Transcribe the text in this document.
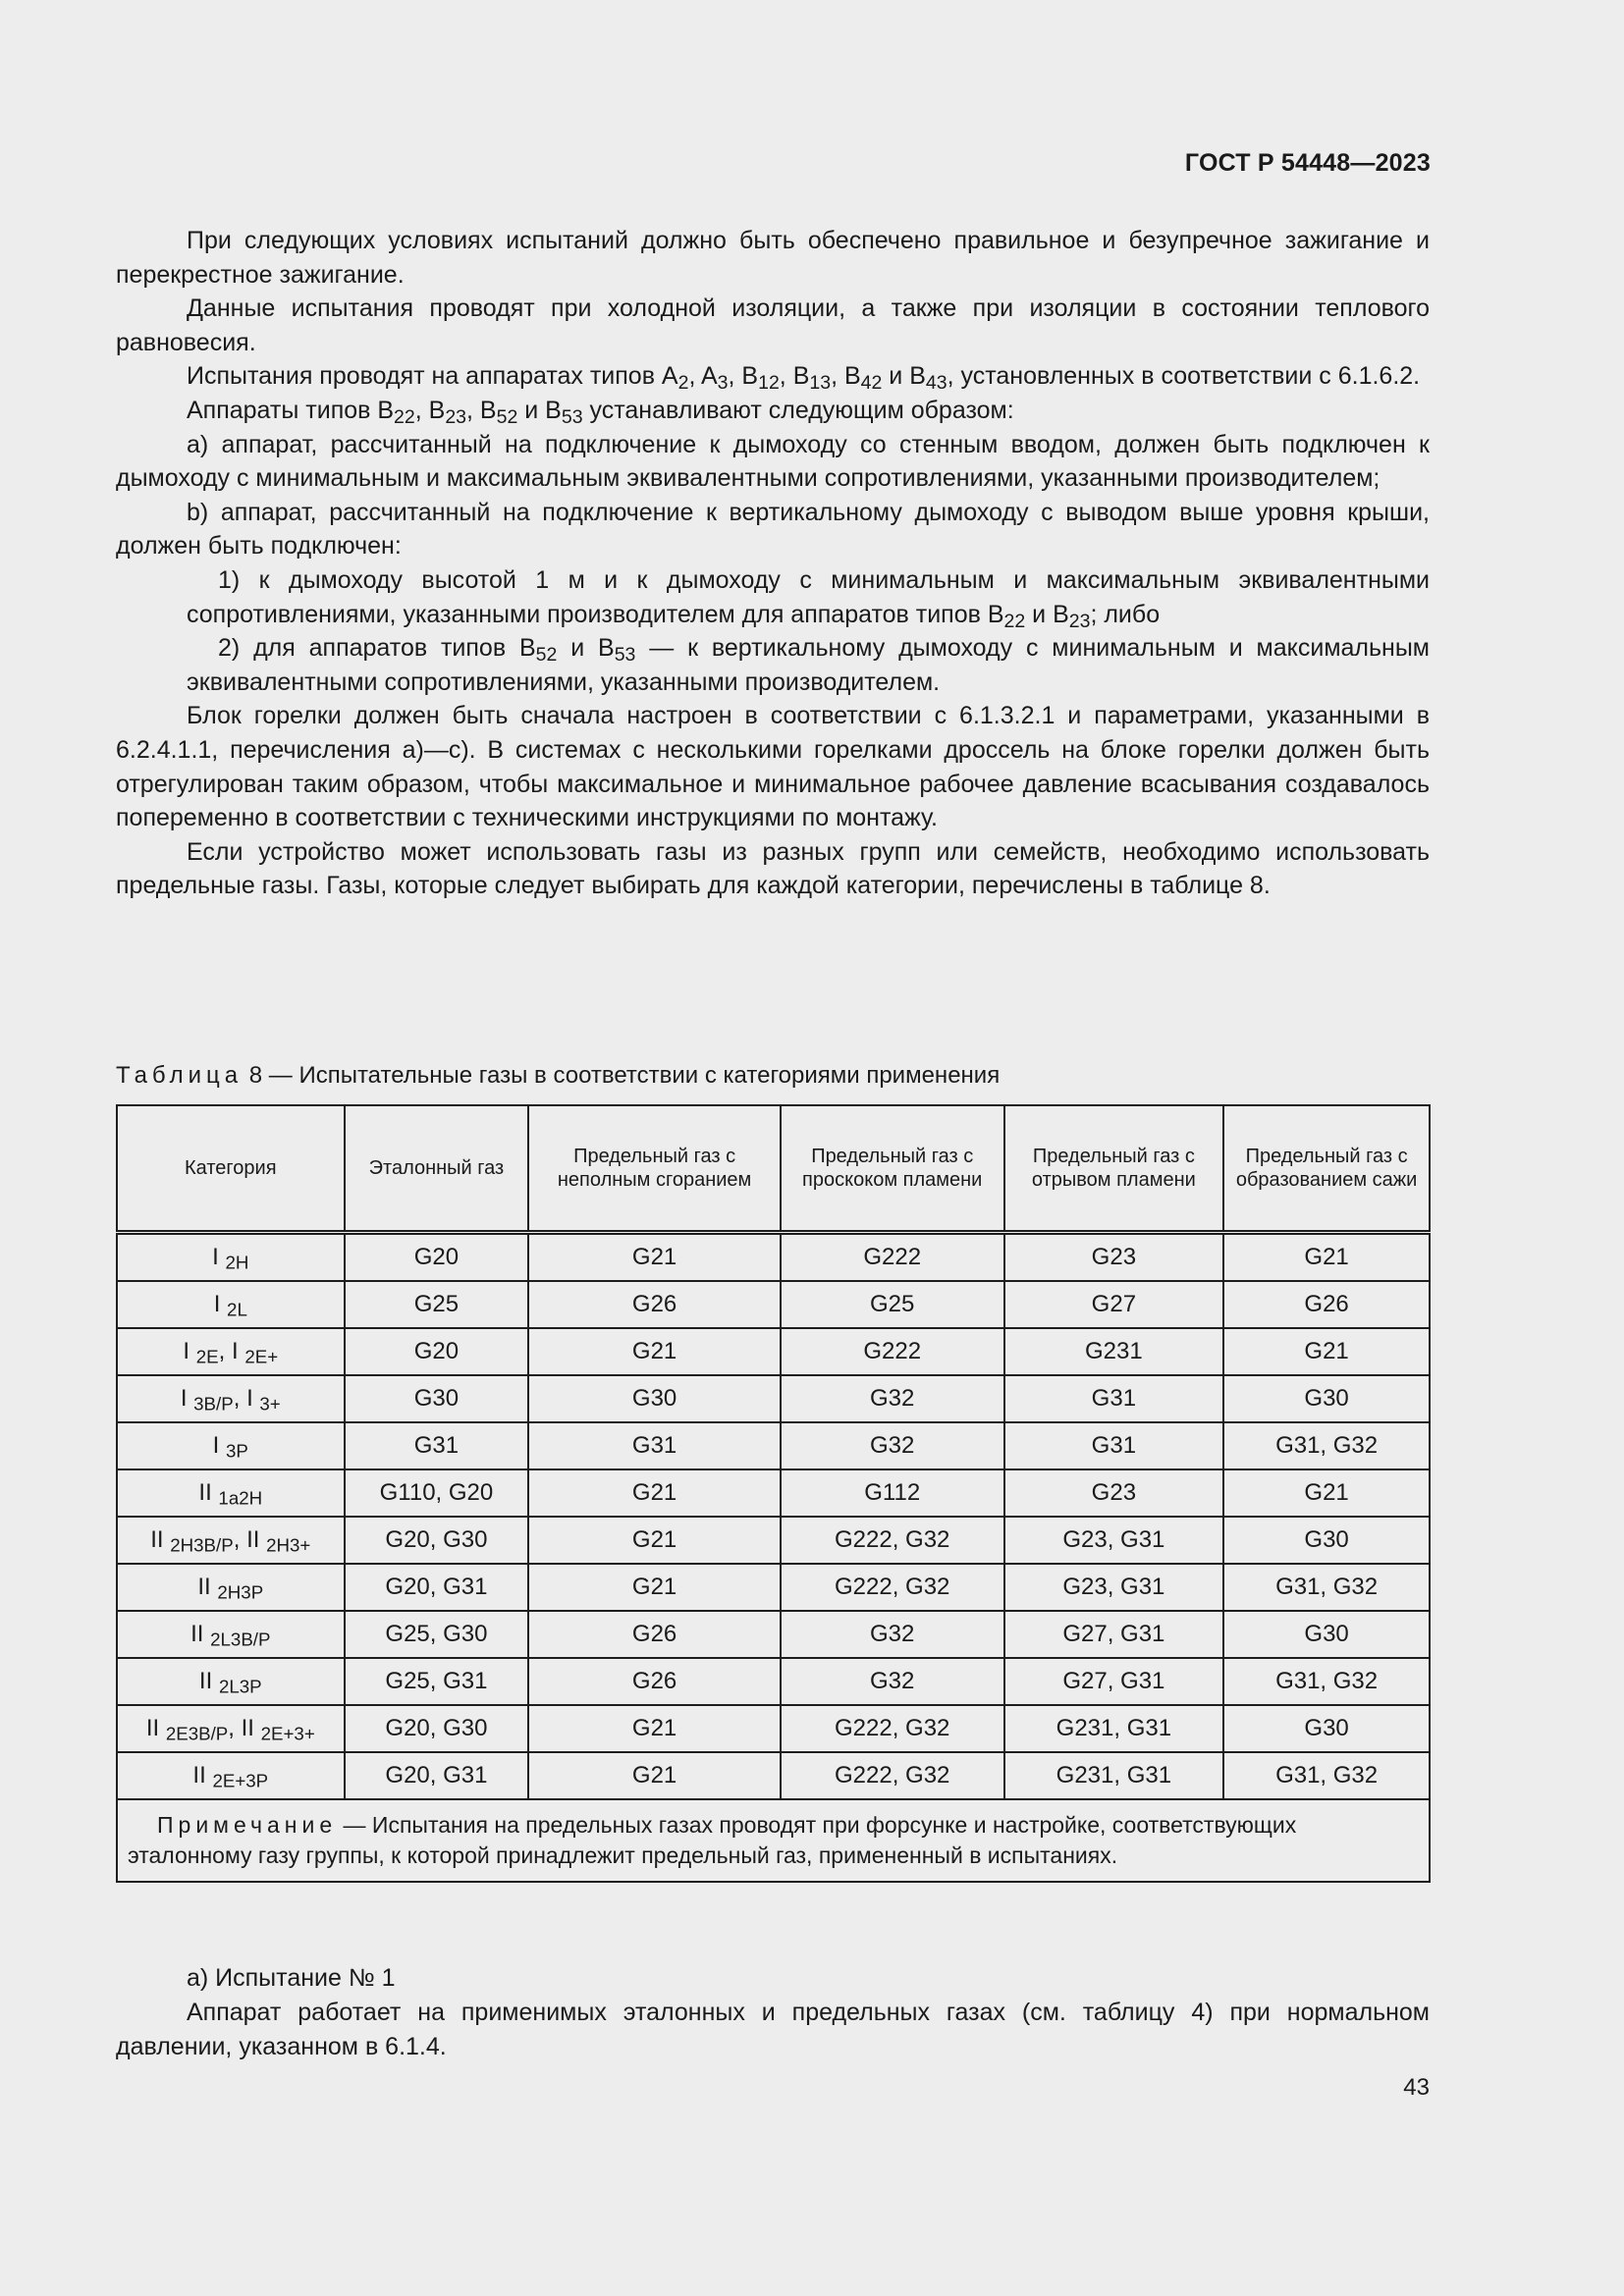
ГОСТ Р 54448—2023

При следующих условиях испытаний должно быть обеспечено правильное и безупречное зажигание и перекрестное зажигание.

Данные испытания проводят при холодной изоляции, а также при изоляции в состоянии теплового равновесия.

Испытания проводят на аппаратах типов $A_2$, $A_3$, $B_{12}$, $B_{13}$, $B_{42}$ и $B_{43}$, установленных в соответствии с 6.1.6.2.

Аппараты типов $B_{22}$, $B_{23}$, $B_{52}$ и $B_{53}$ устанавливают следующим образом:

a) аппарат, рассчитанный на подключение к дымоходу со стенным вводом, должен быть подключен к дымоходу с минимальным и максимальным эквивалентными сопротивлениями, указанными производителем;

b) аппарат, рассчитанный на подключение к вертикальному дымоходу с выводом выше уровня крыши, должен быть подключен:

1) к дымоходу высотой 1 м и к дымоходу с минимальным и максимальным эквивалентными сопротивлениями, указанными производителем для аппаратов типов $B_{22}$ и $B_{23}$; либо

2) для аппаратов типов $B_{52}$ и $B_{53}$ — к вертикальному дымоходу с минимальным и максимальным эквивалентными сопротивлениями, указанными производителем.

Блок горелки должен быть сначала настроен в соответствии с 6.1.3.2.1 и параметрами, указанными в 6.2.4.1.1, перечисления a)—c). В системах с несколькими горелками дроссель на блоке горелки должен быть отрегулирован таким образом, чтобы максимальное и минимальное рабочее давление всасывания создавалось попеременно в соответствии с техническими инструкциями по монтажу.

Если устройство может использовать газы из разных групп или семейств, необходимо использовать предельные газы. Газы, которые следует выбирать для каждой категории, перечислены в таблице 8.

Таблица 8 — Испытательные газы в соответствии с категориями применения
Категория	Эталонный газ	Предельный газ с неполным сгоранием	Предельный газ с проскоком пламени	Предельный газ с отрывом пламени	Предельный газ с образованием сажи
I $_{2H}$	G20	G21	G222	G23	G21
I $_{2L}$	G25	G26	G25	G27	G26
I $_{2E}$, I $_{2E+}$	G20	G21	G222	G231	G21
I $_{3B/P}$, I $_{3+}$	G30	G30	G32	G31	G30
I $_{3P}$	G31	G31	G32	G31	G31, G32
II $_{1a2H}$	G110, G20	G21	G112	G23	G21
II $_{2H3B/P}$, II $_{2H3+}$	G20, G30	G21	G222, G32	G23, G31	G30
II $_{2H3P}$	G20, G31	G21	G222, G32	G23, G31	G31, G32
II $_{2L3B/P}$	G25, G30	G26	G32	G27, G31	G30
II $_{2L3P}$	G25, G31	G26	G32	G27, G31	G31, G32
II $_{2E3B/P}$, II $_{2E+3+}$	G20, G30	G21	G222, G32	G231, G31	G30
II $_{2E+3P}$	G20, G31	G21	G222, G32	G231, G31	G31, G32
Примечание — Испытания на предельных газах проводят при форсунке и настройке, соответствующих эталонному газу группы, к которой принадлежит предельный газ, примененный в испытаниях.					

a) Испытание № 1

Аппарат работает на применимых эталонных и предельных газах (см. таблицу 4) при нормальном давлении, указанном в 6.1.4.

43
